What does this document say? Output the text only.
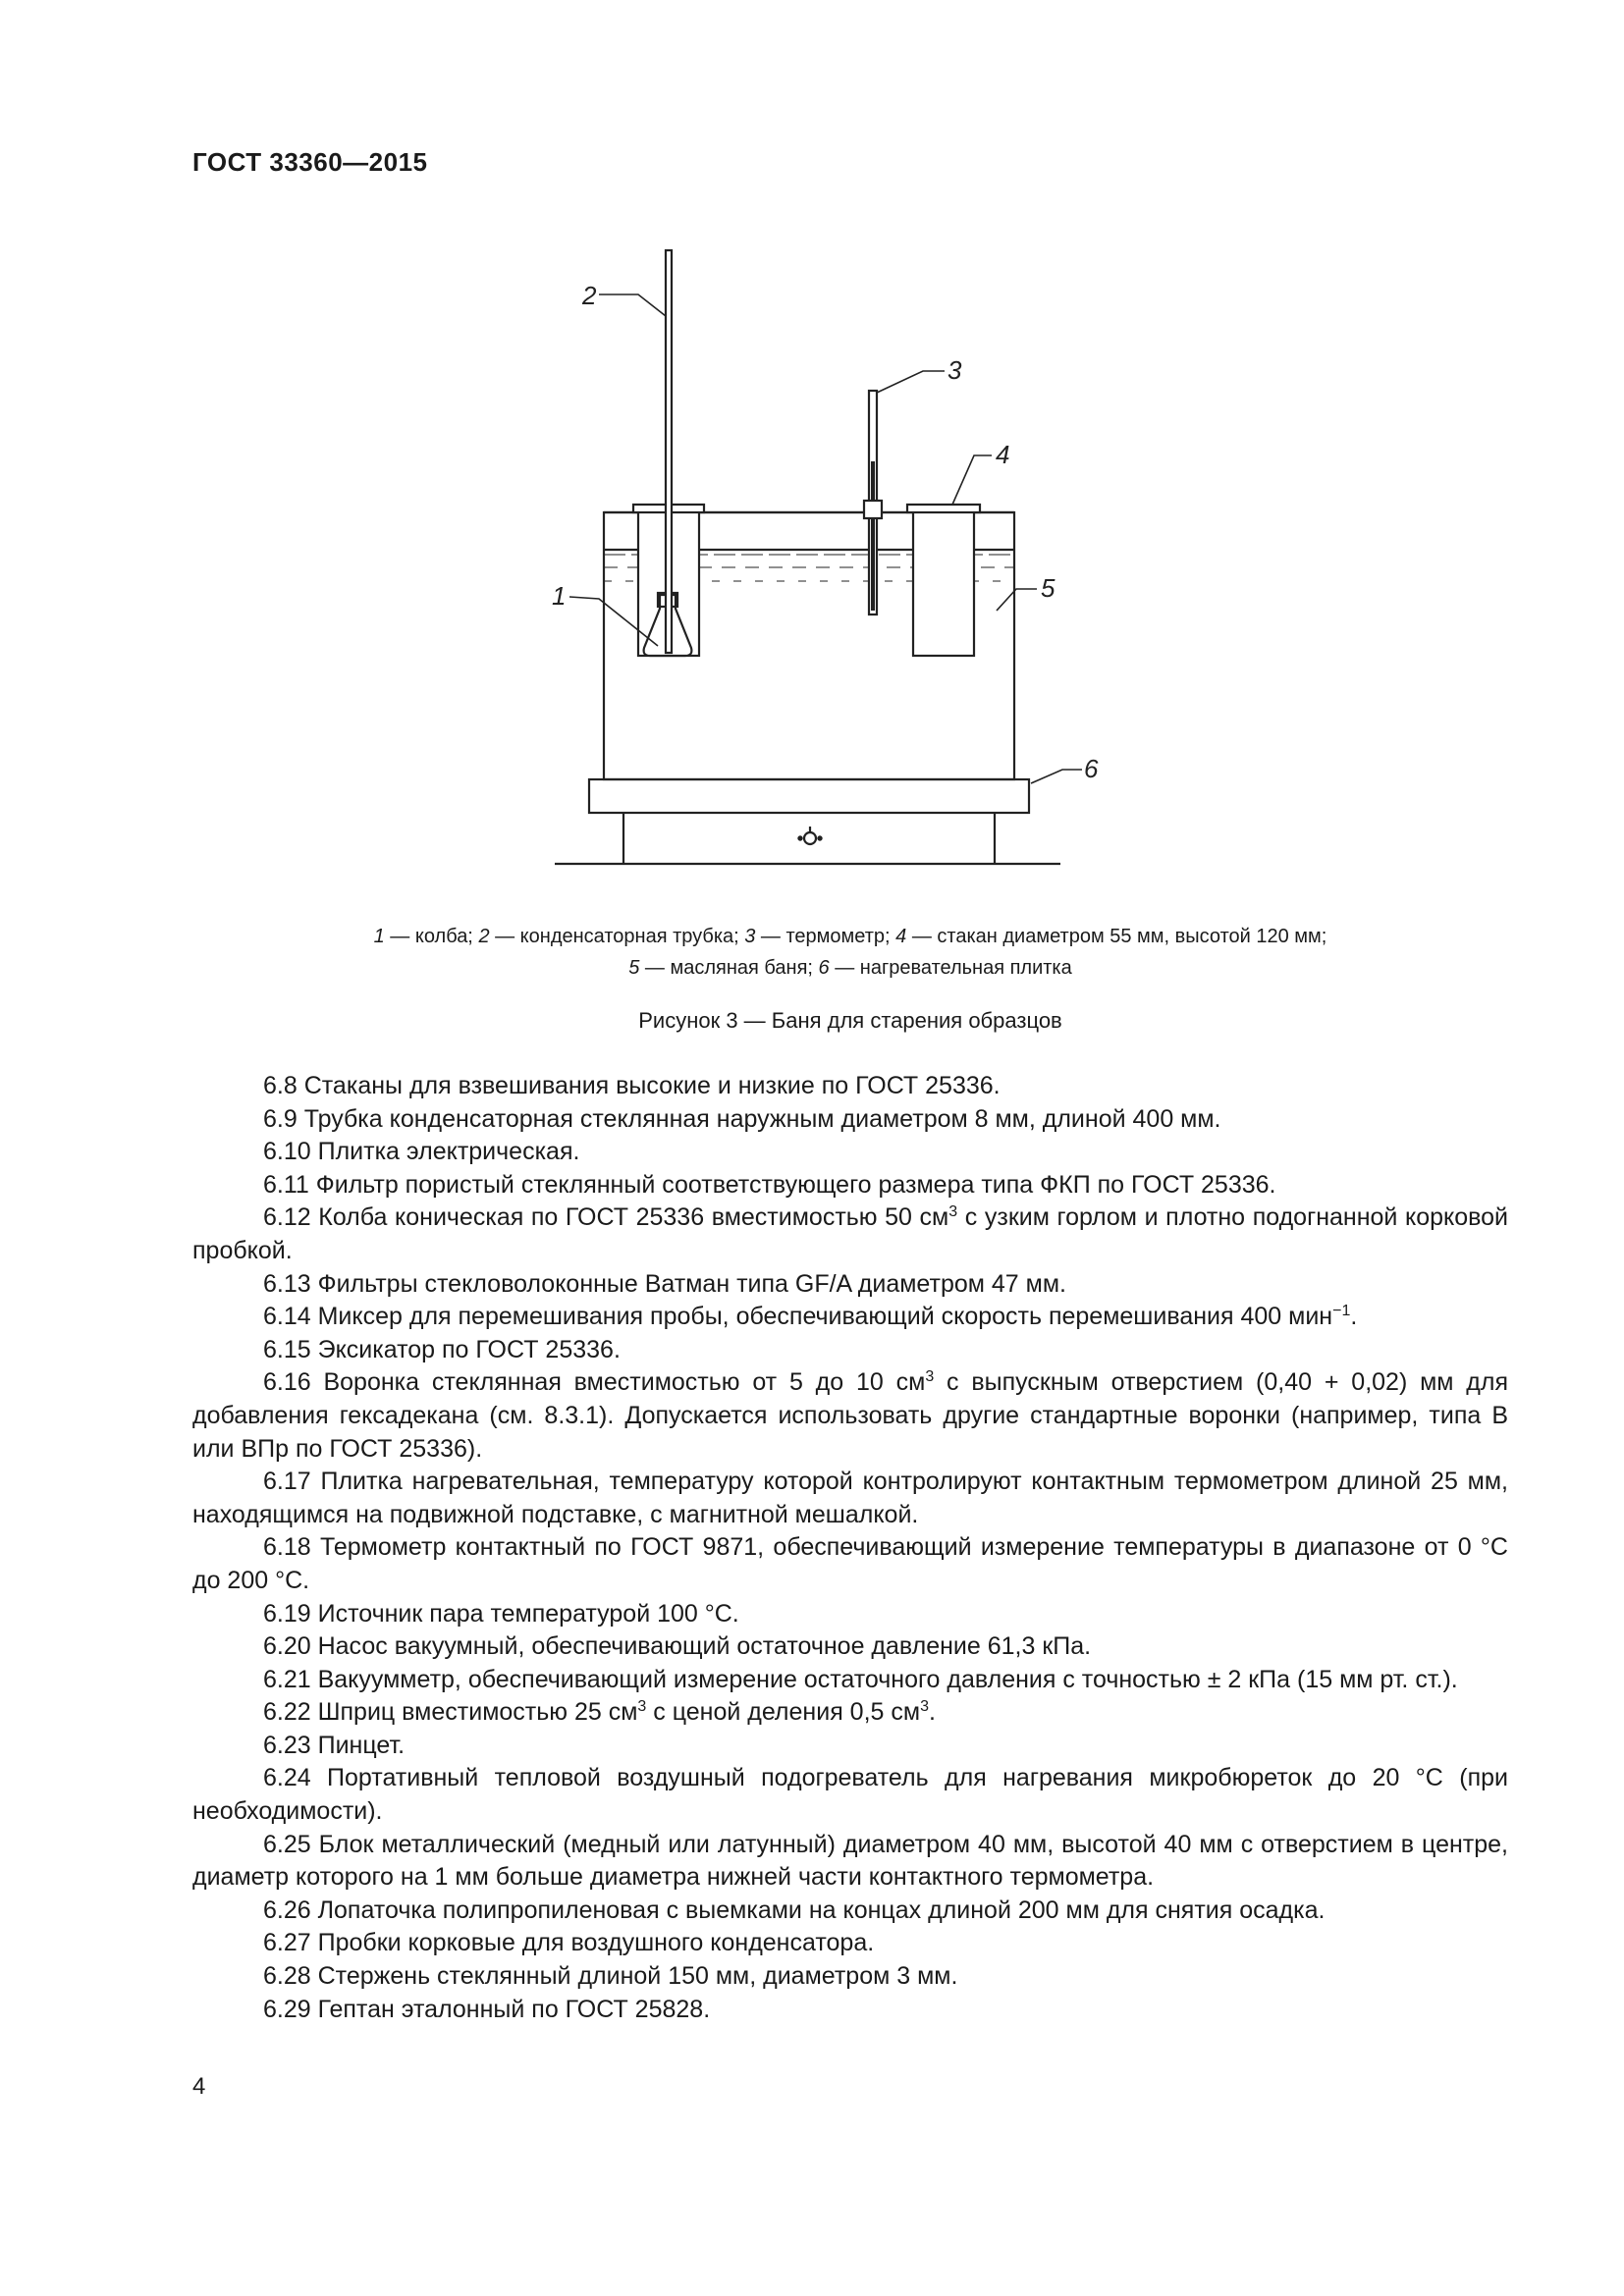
ГОСТ 33360—2015
2
3
4
5
1
6
1 — колба; 2 — конденсаторная трубка; 3 — термометр; 4 — стакан диаметром 55 мм, высотой 120 мм;
5 — масляная баня; 6 — нагревательная плитка
Рисунок 3 — Баня для старения образцов

6.8 Стаканы для взвешивания высокие и низкие по ГОСТ 25336.

6.9 Трубка конденсаторная стеклянная наружным диаметром 8 мм, длиной 400 мм.

6.10 Плитка электрическая.

6.11 Фильтр пористый стеклянный соответствующего размера типа ФКП по ГОСТ 25336.

6.12 Колба коническая по ГОСТ 25336 вместимостью 50 $см^3$ с узким горлом и плотно подогнанной корковой пробкой.

6.13 Фильтры стекловолоконные Ватман типа GF/A диаметром 47 мм.

6.14 Миксер для перемешивания пробы, обеспечивающий скорость перемешивания 400 мин$^{-1}$.

6.15 Эксикатор по ГОСТ 25336.

6.16 Воронка стеклянная вместимостью от 5 до 10 $см^3$ с выпускным отверстием (0,40 + 0,02) мм для добавления гексадекана (см. 8.3.1). Допускается использовать другие стандартные воронки (например, типа В или ВПр по ГОСТ 25336).

6.17 Плитка нагревательная, температуру которой контролируют контактным термометром длиной 25 мм, находящимся на подвижной подставке, с магнитной мешалкой.

6.18 Термометр контактный по ГОСТ 9871, обеспечивающий измерение температуры в диапазоне от 0 °С до 200 °С.

6.19 Источник пара температурой 100 °С.

6.20 Насос вакуумный, обеспечивающий остаточное давление 61,3 кПа.

6.21 Вакуумметр, обеспечивающий измерение остаточного давления с точностью ± 2 кПа (15 мм рт. ст.).

6.22 Шприц вместимостью 25 $см^3$ с ценой деления 0,5 $см^3$.

6.23 Пинцет.

6.24 Портативный тепловой воздушный подогреватель для нагревания микробюреток до 20 °С (при необходимости).

6.25 Блок металлический (медный или латунный) диаметром 40 мм, высотой 40 мм с отверстием в центре, диаметр которого на 1 мм больше диаметра нижней части контактного термометра.

6.26 Лопаточка полипропиленовая с выемками на концах длиной 200 мм для снятия осадка.

6.27 Пробки корковые для воздушного конденсатора.

6.28 Стержень стеклянный длиной 150 мм, диаметром 3 мм.

6.29 Гептан эталонный по ГОСТ 25828.

4
